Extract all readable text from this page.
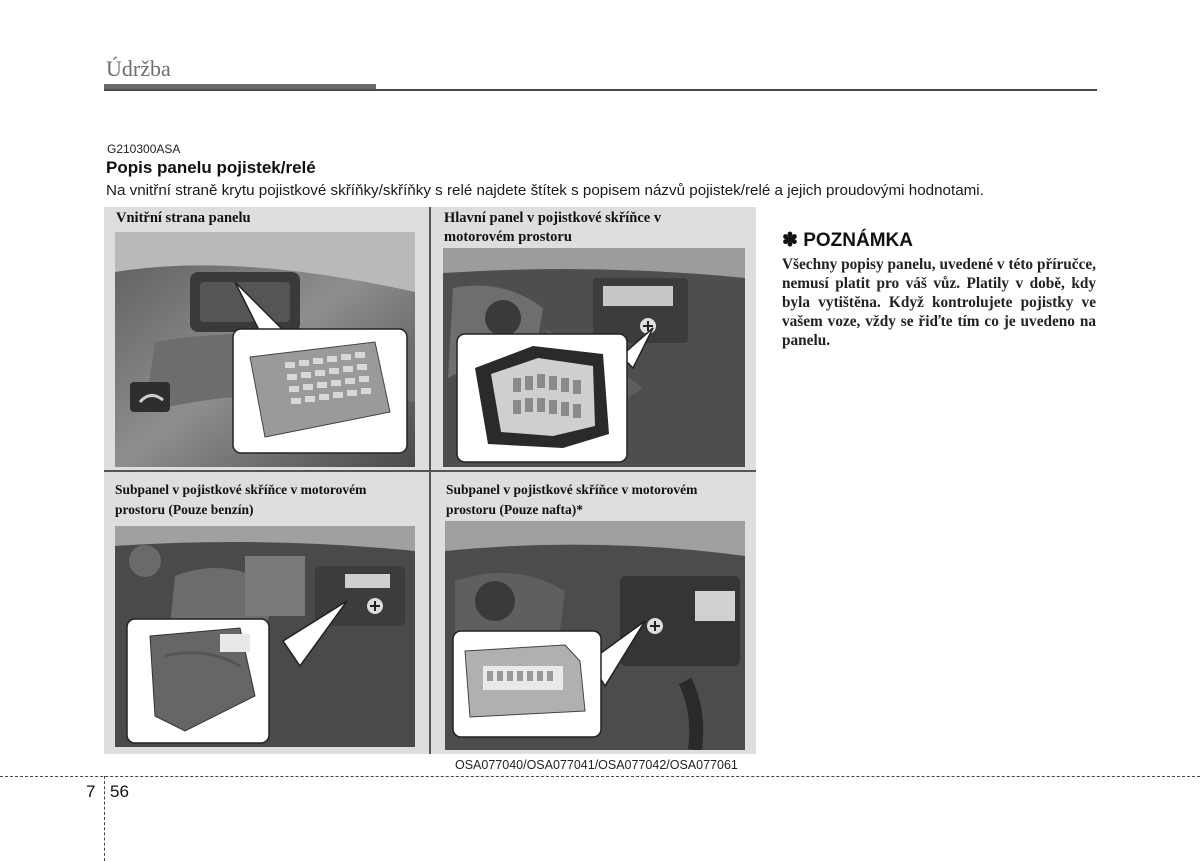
Údržba
G210300ASA
Popis panelu pojistek/relé
Na vnitřní straně krytu pojistkové skříňky/skříňky s relé najdete štítek s popisem názvů pojistek/relé a jejich proudovými hodnotami.
Vnitřní strana panelu	Hlavní panel v pojistkové skříňce v
motorovém prostoru
Subpanel v pojistkové skříňce v motorovém
prostoru (Pouze benzín)
Subpanel v pojistkové skříňce v motorovém
prostoru (Pouze nafta)*
OSA077040/OSA077041/OSA077042/OSA077061
✽ POZNÁMKA
Všechny popisy panelu, uvedené v této příručce, nemusí platit pro váš vůz. Platily v době, kdy byla vytištěna. Když kontrolujete pojistky ve vašem voze, vždy se řiďte tím co je uvedeno na panelu.
7 56
